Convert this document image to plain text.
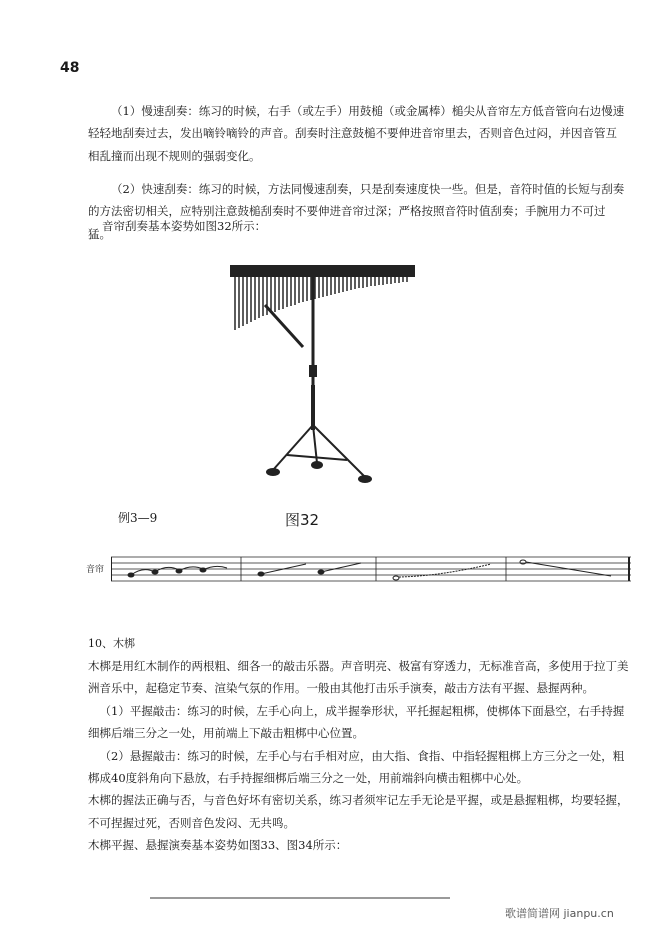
48

（1）慢速刮奏：练习的时候，右手（或左手）用鼓槌（或金属棒）槌尖从音帘左方低音管向右边慢速轻轻地刮奏过去，发出嘀铃嘀铃的声音。刮奏时注意鼓槌不要伸进音帘里去，否则音色过闷，并因音管互相乱撞而出现不规则的强弱变化。

（2）快速刮奏：练习的时候，方法同慢速刮奏，只是刮奏速度快一些。但是，音符时值的长短与刮奏的方法密切相关，应特别注意鼓槌刮奏时不要伸进音帘过深；严格按照音符时值刮奏；手腕用力不可过猛。

音帘刮奏基本姿势如图32所示：
例3—9	图32
音帘
10、木梆

木梆是用红木制作的两根粗、细各一的敲击乐器。声音明亮、极富有穿透力，无标准音高，多使用于拉丁美洲音乐中，起稳定节奏、渲染气氛的作用。一般由其他打击乐手演奏，敲击方法有平握、悬握两种。

（1）平握敲击：练习的时候，左手心向上，成半握拳形状，平托握起粗梆，使梆体下面悬空，右手持握细梆后端三分之一处，用前端上下敲击粗梆中心位置。

（2）悬握敲击：练习的时候，左手心与右手相对应，由大指、食指、中指轻握粗梆上方三分之一处，粗梆成40度斜角向下悬放，右手持握细梆后端三分之一处，用前端斜向横击粗梆中心处。

木梆的握法正确与否，与音色好坏有密切关系，练习者须牢记左手无论是平握，或是悬握粗梆，均要轻握，不可捏握过死，否则音色发闷、无共鸣。

木梆平握、悬握演奏基本姿势如图33、图34所示：

歌谱简谱网 jianpu.cn
